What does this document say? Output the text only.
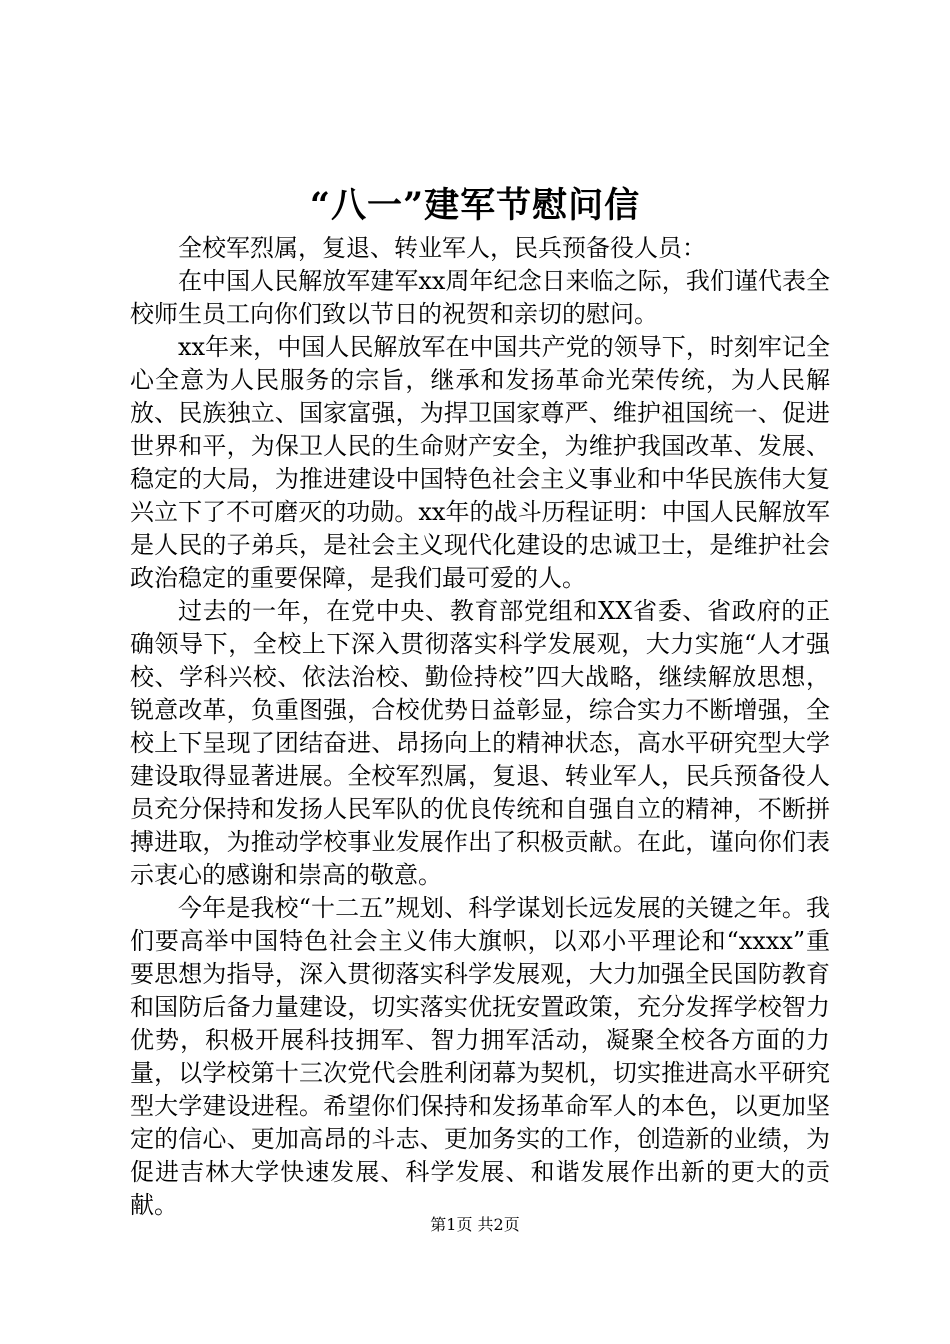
“八一”建军节慰问信

全校军烈属，复退、转业军人，民兵预备役人员：

在中国人民解放军建军xx周年纪念日来临之际，我们谨代表全校师生员工向你们致以节日的祝贺和亲切的慰问。

xx年来，中国人民解放军在中国共产党的领导下，时刻牢记全心全意为人民服务的宗旨，继承和发扬革命光荣传统，为人民解放、民族独立、国家富强，为捍卫国家尊严、维护祖国统一、促进世界和平，为保卫人民的生命财产安全，为维护我国改革、发展、稳定的大局，为推进建设中国特色社会主义事业和中华民族伟大复兴立下了不可磨灭的功勋。xx年的战斗历程证明：中国人民解放军是人民的子弟兵，是社会主义现代化建设的忠诚卫士，是维护社会政治稳定的重要保障，是我们最可爱的人。

过去的一年，在党中央、教育部党组和XX省委、省政府的正确领导下，全校上下深入贯彻落实科学发展观，大力实施“人才强校、学科兴校、依法治校、勤俭持校”四大战略，继续解放思想，锐意改革，负重图强，合校优势日益彰显，综合实力不断增强，全校上下呈现了团结奋进、昂扬向上的精神状态，高水平研究型大学建设取得显著进展。全校军烈属，复退、转业军人，民兵预备役人员充分保持和发扬人民军队的优良传统和自强自立的精神，不断拼搏进取，为推动学校事业发展作出了积极贡献。在此，谨向你们表示衷心的感谢和崇高的敬意。

今年是我校“十二五”规划、科学谋划长远发展的关键之年。我们要高举中国特色社会主义伟大旗帜，以邓小平理论和“xxxx”重要思想为指导，深入贯彻落实科学发展观，大力加强全民国防教育和国防后备力量建设，切实落实优抚安置政策，充分发挥学校智力优势，积极开展科技拥军、智力拥军活动，凝聚全校各方面的力量，以学校第十三次党代会胜利闭幕为契机，切实推进高水平研究型大学建设进程。希望你们保持和发扬革命军人的本色，以更加坚定的信心、更加高昂的斗志、更加务实的工作，创造新的业绩，为促进吉林大学快速发展、科学发展、和谐发展作出新的更大的贡献。

第1页 共2页
